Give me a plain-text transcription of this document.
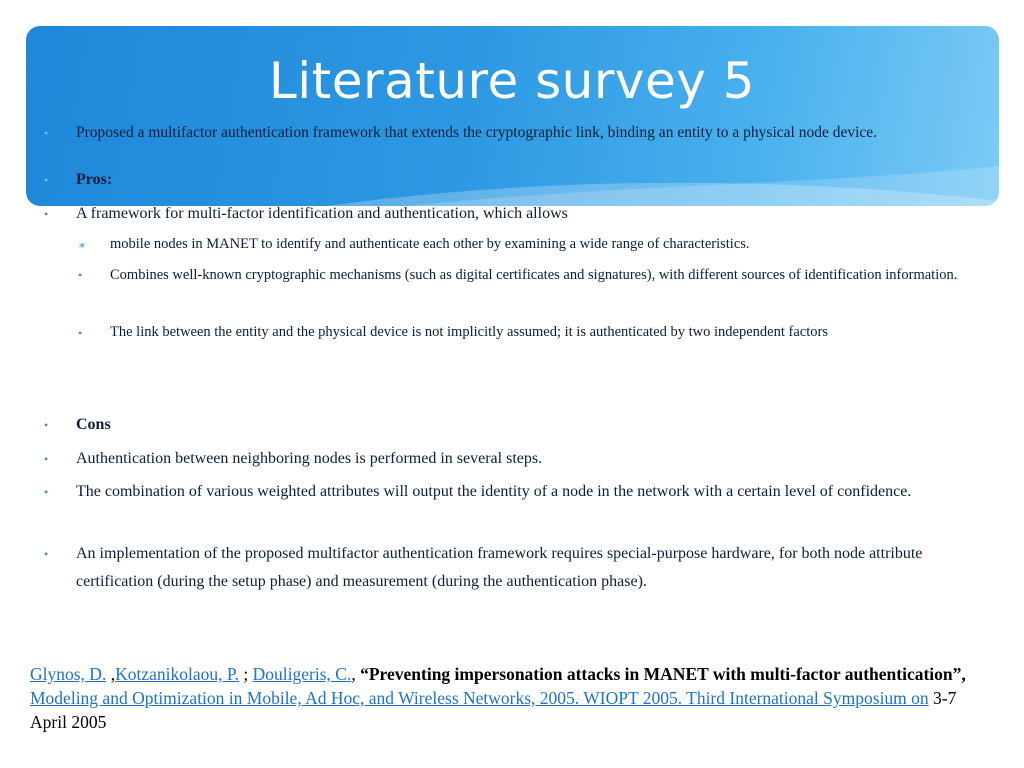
Literature survey 5
• Proposed a multifactor authentication framework that extends the cryptographic link, binding an entity to a physical node device.
• Pros:
• A framework for multi-factor identification and authentication, which allows
∗ mobile nodes in MANET to identify and authenticate each other by examining a wide range of characteristics.
• Combines well-known cryptographic mechanisms (such as digital certificates and signatures), with different sources of identification information.
• The link between the entity and the physical device is not implicitly assumed; it is authenticated by two independent factors
• Cons
• Authentication between neighboring nodes is performed in several steps.
• The combination of various weighted attributes will output the identity of a node in the network with a certain level of confidence.
• An implementation of the proposed multifactor authentication framework requires special-purpose hardware, for both node attribute certification (during the setup phase) and measurement (during the authentication phase).
Glynos, D. ,Kotzanikolaou, P. ; Douligeris, C., “Preventing impersonation attacks in MANET with multi-factor authentication”, Modeling and Optimization in Mobile, Ad Hoc, and Wireless Networks, 2005. WIOPT 2005. Third International Symposium on 3-7 April 2005
